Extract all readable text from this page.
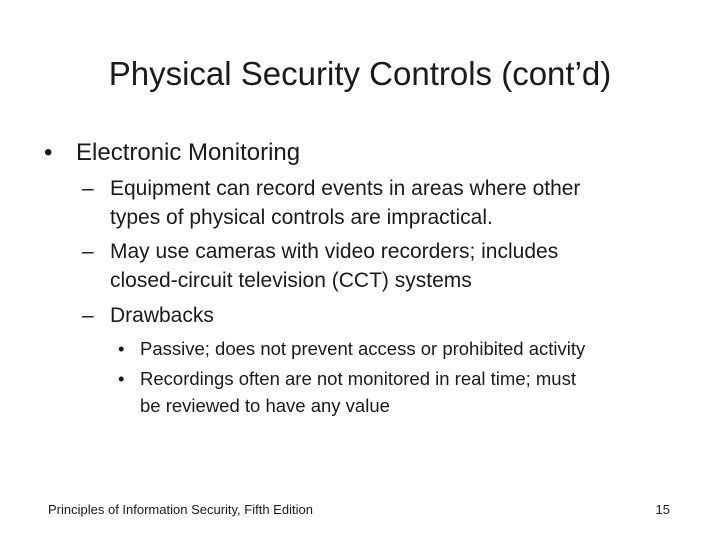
Physical Security Controls (cont’d)
• Electronic Monitoring
– Equipment can record events in areas where other
types of physical controls are impractical.
– May use cameras with video recorders; includes
closed-circuit television (CCT) systems
– Drawbacks
• Passive; does not prevent access or prohibited activity
• Recordings often are not monitored in real time; must
be reviewed to have any value
Principles of Information Security, Fifth Edition	15
